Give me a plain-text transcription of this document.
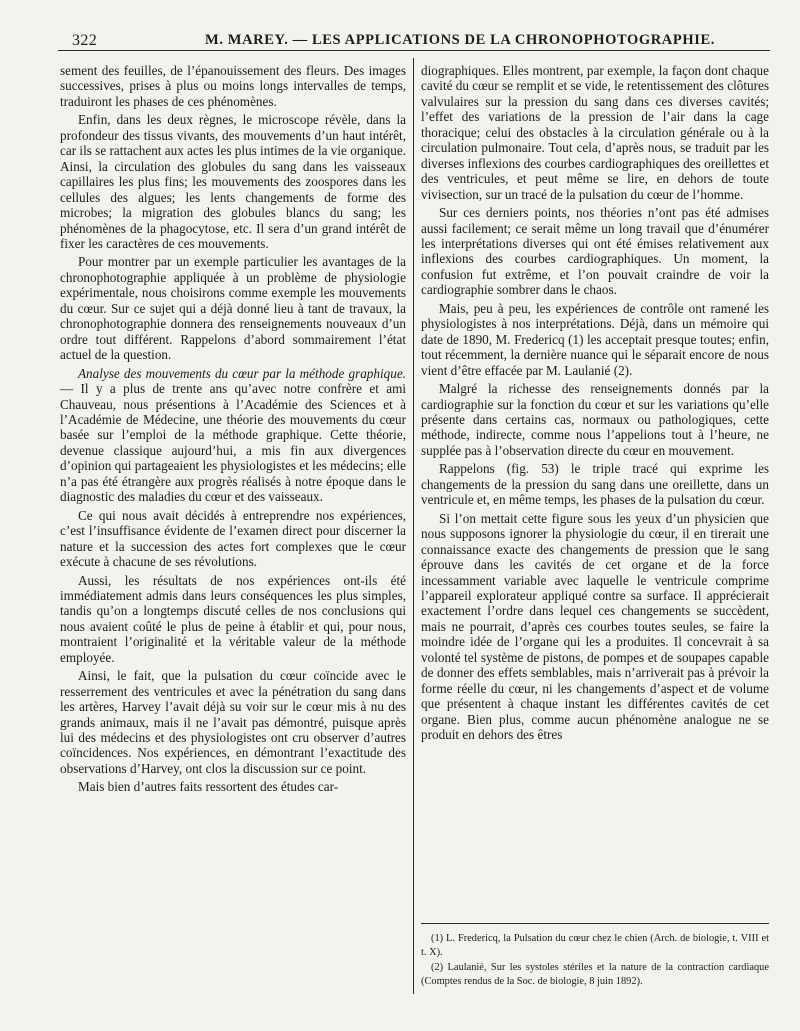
322	M. MAREY. — LES APPLICATIONS DE LA CHRONOPHOTOGRAPHIE.

sement des feuilles, de l’épanouissement des fleurs. Des images successives, prises à plus ou moins longs intervalles de temps, traduiront les phases de ces phénomènes.

Enfin, dans les deux règnes, le microscope révèle, dans la profondeur des tissus vivants, des mouvements d’un haut intérêt, car ils se rattachent aux actes les plus intimes de la vie organique. Ainsi, la circulation des globules du sang dans les vaisseaux capillaires les plus fins; les mouvements des zoospores dans les cellules des algues; les lents changements de forme des microbes; la migration des globules blancs du sang; les phénomènes de la phagocytose, etc. Il sera d’un grand intérêt de fixer les caractères de ces mouvements.

Pour montrer par un exemple particulier les avantages de la chronophotographie appliquée à un problème de physiologie expérimentale, nous choisirons comme exemple les mouvements du cœur. Sur ce sujet qui a déjà donné lieu à tant de travaux, la chronophotographie donnera des renseignements nouveaux d’un ordre tout différent. Rappelons d’abord sommairement l’état actuel de la question.

Analyse des mouvements du cœur par la méthode graphique. — Il y a plus de trente ans qu’avec notre confrère et ami Chauveau, nous présentions à l’Académie des Sciences et à l’Académie de Médecine, une théorie des mouvements du cœur basée sur l’emploi de la méthode graphique. Cette théorie, devenue classique aujourd’hui, a mis fin aux divergences d’opinion qui partageaient les physiologistes et les médecins; elle n’a pas été étrangère aux progrès réalisés à notre époque dans le diagnostic des maladies du cœur et des vaisseaux.

Ce qui nous avait décidés à entreprendre nos expériences, c’est l’insuffisance évidente de l’examen direct pour discerner la nature et la succession des actes fort complexes que le cœur exécute à chacune de ses révolutions.

Aussi, les résultats de nos expériences ont-ils été immédiatement admis dans leurs conséquences les plus simples, tandis qu’on a longtemps discuté celles de nos conclusions qui nous avaient coûté le plus de peine à établir et qui, pour nous, montraient l’originalité et la véritable valeur de la méthode employée.

Ainsi, le fait, que la pulsation du cœur coïncide avec le resserrement des ventricules et avec la pénétration du sang dans les artères, Harvey l’avait déjà su voir sur le cœur mis à nu des grands animaux, mais il ne l’avait pas démontré, puisque après lui des médecins et des physiologistes ont cru observer d’autres coïncidences. Nos expériences, en démontrant l’exactitude des observations d’Harvey, ont clos la discussion sur ce point.

Mais bien d’autres faits ressortent des études car-

diographiques. Elles montrent, par exemple, la façon dont chaque cavité du cœur se remplit et se vide, le retentissement des clôtures valvulaires sur la pression du sang dans ces diverses cavités; l’effet des variations de la pression de l’air dans la cage thoracique; celui des obstacles à la circulation générale ou à la circulation pulmonaire. Tout cela, d’après nous, se traduit par les diverses inflexions des courbes cardiographiques des oreillettes et des ventricules, et peut même se lire, en dehors de toute vivisection, sur un tracé de la pulsation du cœur de l’homme.

Sur ces derniers points, nos théories n’ont pas été admises aussi facilement; ce serait même un long travail que d’énumérer les interprétations diverses qui ont été émises relativement aux inflexions des courbes cardiographiques. Un moment, la confusion fut extrême, et l’on pouvait craindre de voir la cardiographie sombrer dans le chaos.

Mais, peu à peu, les expériences de contrôle ont ramené les physiologistes à nos interprétations. Déjà, dans un mémoire qui date de 1890, M. Fredericq (1) les acceptait presque toutes; enfin, tout récemment, la dernière nuance qui le séparait encore de nous vient d’être effacée par M. Laulanié (2).

Malgré la richesse des renseignements donnés par la cardiographie sur la fonction du cœur et sur les variations qu’elle présente dans certains cas, normaux ou pathologiques, cette méthode, indirecte, comme nous l’appelions tout à l’heure, ne supplée pas à l’observation directe du cœur en mouvement.

Rappelons (fig. 53) le triple tracé qui exprime les changements de la pression du sang dans une oreillette, dans un ventricule et, en même temps, les phases de la pulsation du cœur.

Si l’on mettait cette figure sous les yeux d’un physicien que nous supposons ignorer la physiologie du cœur, il en tirerait une connaissance exacte des changements de pression que le sang éprouve dans les cavités de cet organe et de la force incessamment variable avec laquelle le ventricule comprime l’appareil explorateur appliqué contre sa surface. Il apprécierait exactement l’ordre dans lequel ces changements se succèdent, mais ne pourrait, d’après ces courbes toutes seules, se faire la moindre idée de l’organe qui les a produites. Il concevrait à sa volonté tel système de pistons, de pompes et de soupapes capable de donner des effets semblables, mais n’arriverait pas à prévoir la forme réelle du cœur, ni les changements d’aspect et de volume que présentent à chaque instant les différentes cavités de cet organe. Bien plus, comme aucun phénomène analogue ne se produit en dehors des êtres

(1) L. Fredericq, la Pulsation du cœur chez le chien (Arch. de biologie, t. VIII et t. X).

(2) Laulanié, Sur les systoles stériles et la nature de la contraction cardiaque (Comptes rendus de la Soc. de biologie, 8 juin 1892).
